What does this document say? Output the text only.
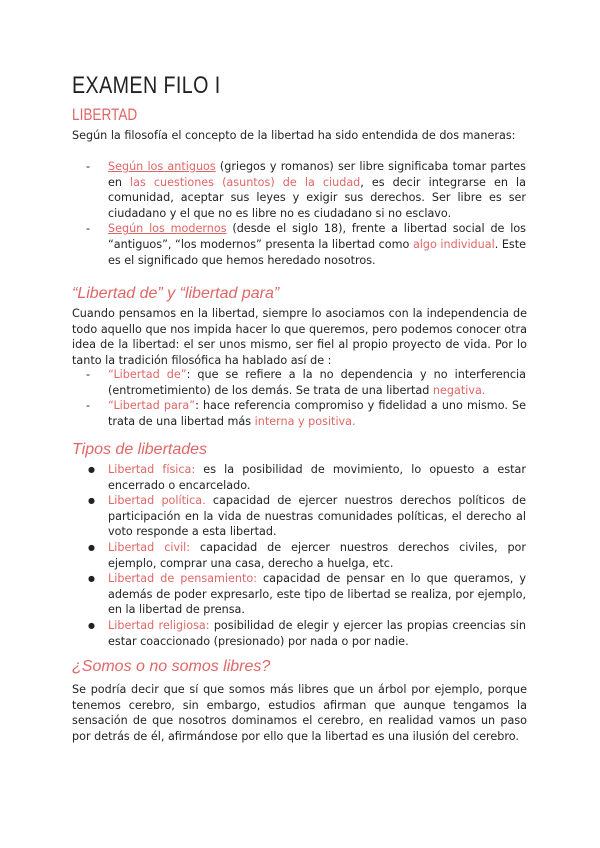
EXAMEN FILO I
LIBERTAD
Según la filosofía el concepto de la libertad ha sido entendida de dos maneras:
- Según los antiguos (griegos y romanos) ser libre significaba tomar partes en las cuestiones (asuntos) de la ciudad, es decir integrarse en la comunidad, aceptar sus leyes y exigir sus derechos. Ser libre es ser ciudadano y el que no es libre no es ciudadano si no esclavo.
- Según los modernos (desde el siglo 18), frente a libertad social de los “antiguos”, “los modernos” presenta la libertad como algo individual. Este es el significado que hemos heredado nosotros.
“Libertad de” y “libertad para”
Cuando pensamos en la libertad, siempre lo asociamos con la independencia de todo aquello que nos impida hacer lo que queremos, pero podemos conocer otra idea de la libertad: el ser unos mismo, ser fiel al propio proyecto de vida. Por lo tanto la tradición filosófica ha hablado así de :
- “Libertad de”: que se refiere a la no dependencia y no interferencia (entrometimiento) de los demás. Se trata de una libertad negativa.
- “Libertad para”: hace referencia compromiso y fidelidad a uno mismo. Se trata de una libertad más interna y positiva.
Tipos de libertades
● Libertad física: es la posibilidad de movimiento, lo opuesto a estar encerrado o encarcelado.
● Libertad política. capacidad de ejercer nuestros derechos políticos de participación en la vida de nuestras comunidades políticas, el derecho al voto responde a esta libertad.
● Libertad civil: capacidad de ejercer nuestros derechos civiles, por ejemplo, comprar una casa, derecho a huelga, etc.
● Libertad de pensamiento: capacidad de pensar en lo que queramos, y además de poder expresarlo, este tipo de libertad se realiza, por ejemplo, en la libertad de prensa.
● Libertad religiosa: posibilidad de elegir y ejercer las propias creencias sin estar coaccionado (presionado) por nada o por nadie.
¿Somos o no somos libres?
Se podría decir que sí que somos más libres que un árbol por ejemplo, porque tenemos cerebro, sin embargo, estudios afirman que aunque tengamos la sensación de que nosotros dominamos el cerebro, en realidad vamos un paso por detrás de él, afirmándose por ello que la libertad es una ilusión del cerebro.
